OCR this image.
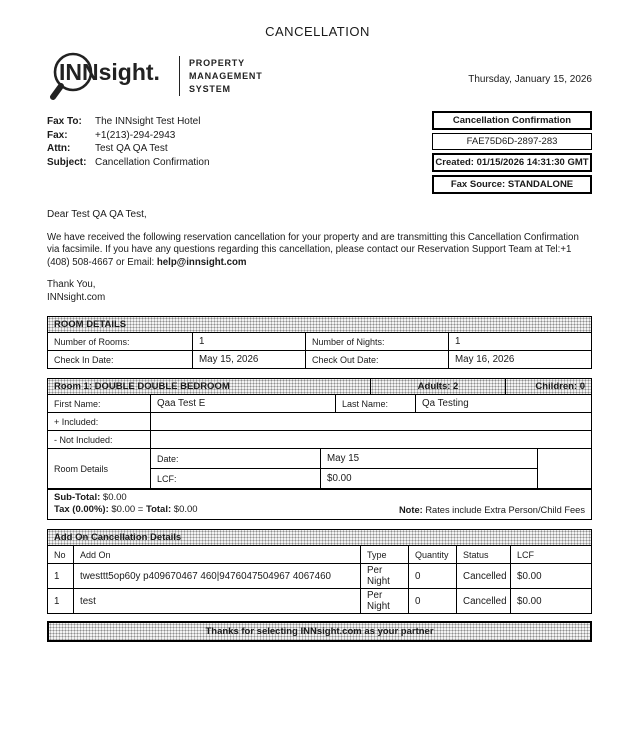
CANCELLATION
INNsight.	PROPERTY
MANAGEMENT
SYSTEM
Thursday, January 15, 2026
Fax To: The INNsight Test Hotel
Fax:	+1(213)-294-2943
Attn: Test QA QA Test
Subject: Cancellation Confirmation
Cancellation Confirmation
FAE75D6D-2897-283
Created: 01/15/2026 14:31:30 GMT
Fax Source: STANDALONE
Dear Test QA QA Test,
We have received the following reservation cancellation for your property and are transmitting this Cancellation Confirmation via facsimile. If you have any questions regarding this cancellation, please contact our Reservation Support Team at Tel:+1 (408) 508-4667 or Email: help@innsight.com
Thank You,
INNsight.com
ROOM DETAILS
Number of Rooms:	1	Number of Nights:	1
Check In Date:	May 15, 2026	Check Out Date:	May 16, 2026
Room 1: DOUBLE DOUBLE BEDROOM	Adults: 2	Children: 0
First Name:	Qaa Test E	Last Name:	Qa Testing
+ Included:
- Not Included:
Room Details
Date:	May 15
LCF:	$0.00
Sub-Total: $0.00
Tax (0.00%): $0.00 = Total: $0.00	Note: Rates include Extra Person/Child Fees
Add On Cancellation Details
No	Add On	Type	Quantity	Status	LCF
1	twesttt5op60y p409670467 460|9476047504967 4067460	Per Night	0	Cancelled	$0.00
1	test	Per Night	0	Cancelled	$0.00
Thanks for selecting INNsight.com as your partner
